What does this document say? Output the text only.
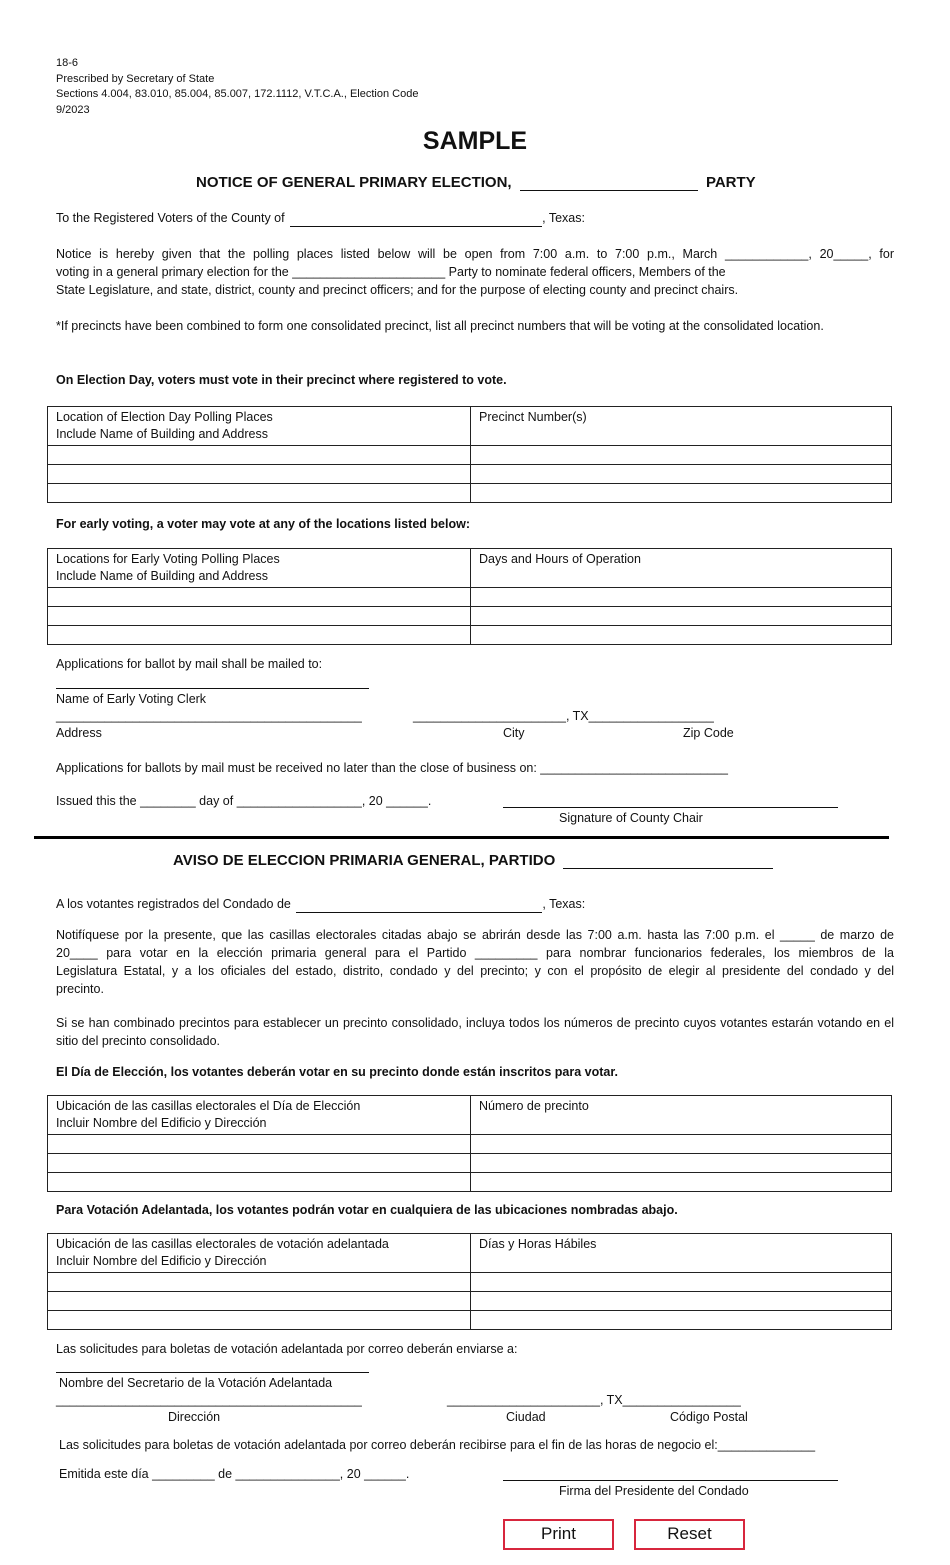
18-6
Prescribed by Secretary of State
Sections 4.004, 83.010, 85.004, 85.007, 172.1112, V.T.C.A., Election Code
9/2023
SAMPLE
NOTICE OF GENERAL PRIMARY ELECTION,	PARTY
To the Registered Voters of the County of	, Texas:
Notice is hereby given that the polling places listed below will be open from 7:00 a.m. to 7:00 p.m., March ____________, 20_____, for
voting in a general primary election for the ______________________ Party to nominate federal officers, Members of the
State Legislature, and state, district, county and precinct officers; and for the purpose of electing county and precinct chairs.
*If precincts have been combined to form one consolidated precinct, list all precinct numbers that will be voting at the consolidated location.
On Election Day, voters must vote in their precinct where registered to vote.
Location of Election Day Polling Places
Include Name of Building and Address	Precinct Number(s)

For early voting, a voter may vote at any of the locations listed below:
Locations for Early Voting Polling Places
Include Name of Building and Address	Days and Hours of Operation

Applications for ballot by mail shall be mailed to:
Name of Early Voting Clerk
____________________________________________	______________________, TX__________________
Address	City	Zip Code
Applications for ballots by mail must be received no later than the close of business on: ___________________________
Issued this the ________ day of __________________, 20 ______.
Signature of County Chair
AVISO DE ELECCION PRIMARIA GENERAL, PARTIDO
A los votantes registrados del Condado de	, Texas:
Notifíquese por la presente, que las casillas electorales citadas abajo se abrirán desde las 7:00 a.m. hasta las 7:00 p.m. el _____ de marzo de
20____ para votar en la elección primaria general para el Partido _________ para nombrar funcionarios federales, los miembros de la
Legislatura Estatal, y a los oficiales del estado, distrito, condado y del precinto; y con el propósito de elegir al presidente del condado y del
precinto.
Si se han combinado precintos para establecer un precinto consolidado, incluya todos los números de precinto cuyos votantes estarán votando en el sitio del precinto consolidado.
El Día de Elección, los votantes deberán votar en su precinto donde están inscritos para votar.
Ubicación de las casillas electorales el Día de Elección
Incluir Nombre del Edificio y Dirección	Número de precinto

Para Votación Adelantada, los votantes podrán votar en cualquiera de las ubicaciones nombradas abajo.
Ubicación de las casillas electorales de votación adelantada
Incluir Nombre del Edificio y Dirección	Días y Horas Hábiles

Las solicitudes para boletas de votación adelantada por correo deberán enviarse a:
Nombre del Secretario de la Votación Adelantada
____________________________________________	______________________, TX_________________
Dirección	Ciudad	Código Postal
Las solicitudes para boletas de votación adelantada por correo deberán recibirse para el fin de las horas de negocio el:______________
Emitida este día _________ de _______________, 20 ______.
Firma del Presidente del Condado
Print	Reset
